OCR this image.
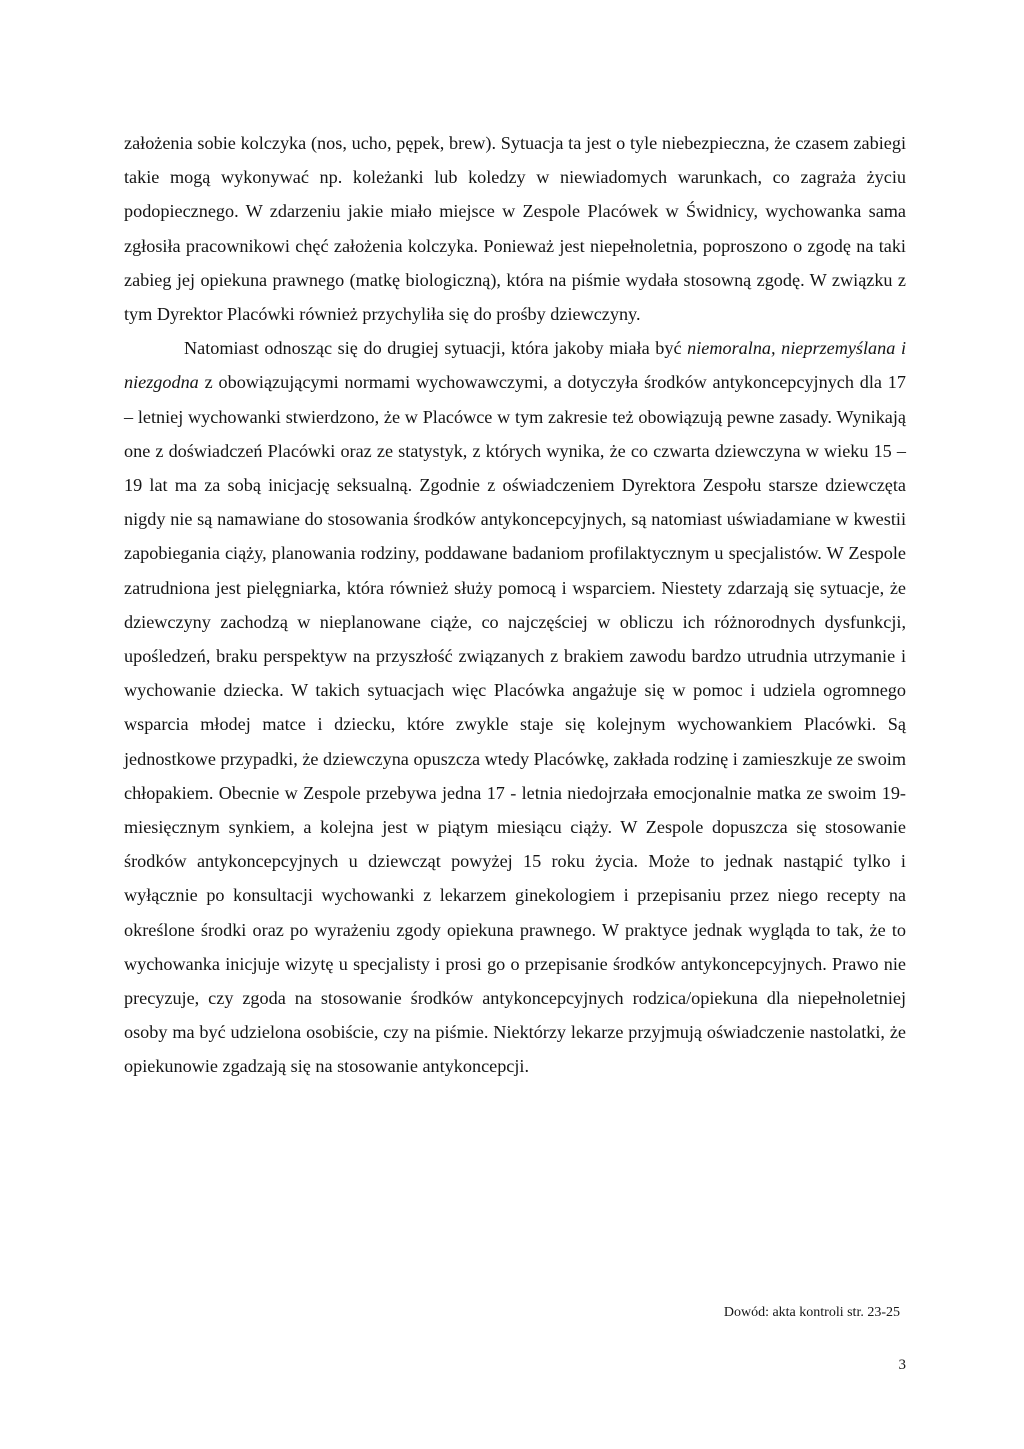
założenia sobie kolczyka (nos, ucho, pępek, brew). Sytuacja ta jest o tyle niebezpieczna, że czasem zabiegi takie mogą wykonywać np. koleżanki lub koledzy w niewiadomych warunkach, co zagraża życiu podopiecznego. W zdarzeniu jakie miało miejsce w Zespole Placówek w Świdnicy, wychowanka sama zgłosiła pracownikowi chęć założenia kolczyka. Ponieważ jest niepełnoletnia, poproszono o zgodę na taki zabieg jej opiekuna prawnego (matkę biologiczną), która na piśmie wydała stosowną zgodę. W związku z tym Dyrektor Placówki również przychyliła się do prośby dziewczyny.

Natomiast odnosząc się do drugiej sytuacji, która jakoby miała być niemoralna, nieprzemyślana i niezgodna z obowiązującymi normami wychowawczymi, a dotyczyła środków antykoncepcyjnych dla 17 – letniej wychowanki stwierdzono, że w Placówce w tym zakresie też obowiązują pewne zasady. Wynikają one z doświadczeń Placówki oraz ze statystyk, z których wynika, że co czwarta dziewczyna w wieku 15 – 19 lat ma za sobą inicjację seksualną. Zgodnie z oświadczeniem Dyrektora Zespołu starsze dziewczęta nigdy nie są namawiane do stosowania środków antykoncepcyjnych, są natomiast uświadamiane w kwestii zapobiegania ciąży, planowania rodziny, poddawane badaniom profilaktycznym u specjalistów. W Zespole zatrudniona jest pielęgniarka, która również służy pomocą i wsparciem. Niestety zdarzają się sytuacje, że dziewczyny zachodzą w nieplanowane ciąże, co najczęściej w obliczu ich różnorodnych dysfunkcji, upośledzeń, braku perspektyw na przyszłość związanych z brakiem zawodu bardzo utrudnia utrzymanie i wychowanie dziecka. W takich sytuacjach więc Placówka angażuje się w pomoc i udziela ogromnego wsparcia młodej matce i dziecku, które zwykle staje się kolejnym wychowankiem Placówki. Są jednostkowe przypadki, że dziewczyna opuszcza wtedy Placówkę, zakłada rodzinę i zamieszkuje ze swoim chłopakiem. Obecnie w Zespole przebywa jedna 17 - letnia niedojrzała emocjonalnie matka ze swoim 19- miesięcznym synkiem, a kolejna jest w piątym miesiącu ciąży. W Zespole dopuszcza się stosowanie środków antykoncepcyjnych u dziewcząt powyżej 15 roku życia. Może to jednak nastąpić tylko i wyłącznie po konsultacji wychowanki z lekarzem ginekologiem i przepisaniu przez niego recepty na określone środki oraz po wyrażeniu zgody opiekuna prawnego. W praktyce jednak wygląda to tak, że to wychowanka inicjuje wizytę u specjalisty i prosi go o przepisanie środków antykoncepcyjnych. Prawo nie precyzuje, czy zgoda na stosowanie środków antykoncepcyjnych rodzica/opiekuna dla niepełnoletniej osoby ma być udzielona osobiście, czy na piśmie. Niektórzy lekarze przyjmują oświadczenie nastolatki, że opiekunowie zgadzają się na stosowanie antykoncepcji.

Dowód: akta kontroli str. 23-25
3
